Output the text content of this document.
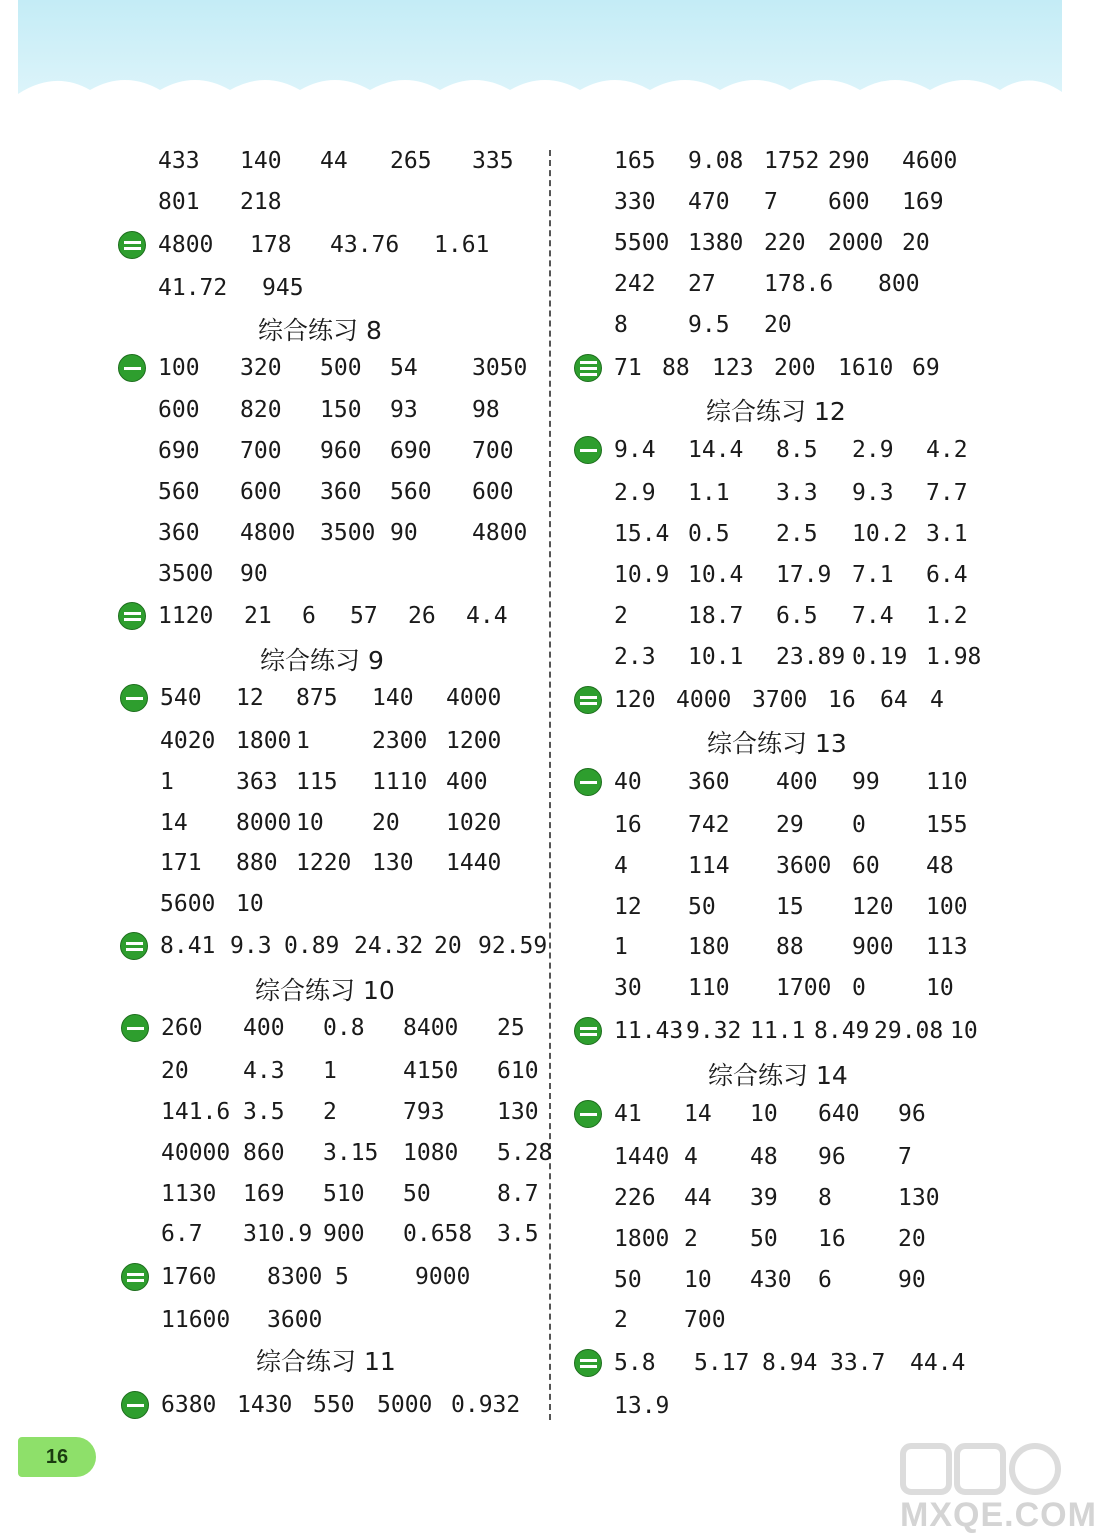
433 140 44 265 335
801 218
4800 178 43.76 1.61
41.72 945
综合练习 8
100 320 500 54 3050
600 820 150 93 98
690 700 960 690 700
560 600 360 560 600
360 4800 3500 90 4800
3500 90
1120 21 6 57 26 4.4
综合练习 9
540 12 875 140 4000
4020 1800 1	2300 1200
1	363 115 1110 400
14 8000 10 20 1020
171 880 1220 130 1440
5600 10
8.41 9.3 0.89 24.32 20 92.59
综合练习 10
260 400 0.8 8400 25
20 4.3 1	4150 610
141.6 3.5 2	793 130
40000 860 3.15 1080 5.28
1130 169 510 50	8.7
6.7 310.9 900 0.658 3.5
1760 8300 5	9000
11600 3600
综合练习 11
6380 1430 550 5000 0.932
165 9.08 1752 290 4600
330 470 7 600 169
5500 1380 220 2000 20
242 27 178.6 800
8	9.5 20
71 88 123 200 1610 69
综合练习 12
9.4 14.4 8.5 2.9 4.2
2.9 1.1 3.3 9.3 7.7
15.4 0.5 2.5 10.2 3.1
10.9 10.4 17.9 7.1 6.4
2	18.7 6.5 7.4 1.2
2.3 10.1 23.89 0.19 1.98
120 4000 3700 16 64 4
综合练习 13
40 360 400 99 110
16 742 29 0	155
4	114 3600 60 48
12 50	15 120 100
1	180 88 900 113
30 110 1700 0	10
11.43 9.32 11.1 8.49 29.08 10
综合练习 14
41 14 10 640 96
1440 4 48 96 7
226 44 39 8	130
1800 2 50 16 20
50 10 430 6	90
2 700
5.8 5.17 8.94 33.7 44.4
13.9
16
MXQE.COM
